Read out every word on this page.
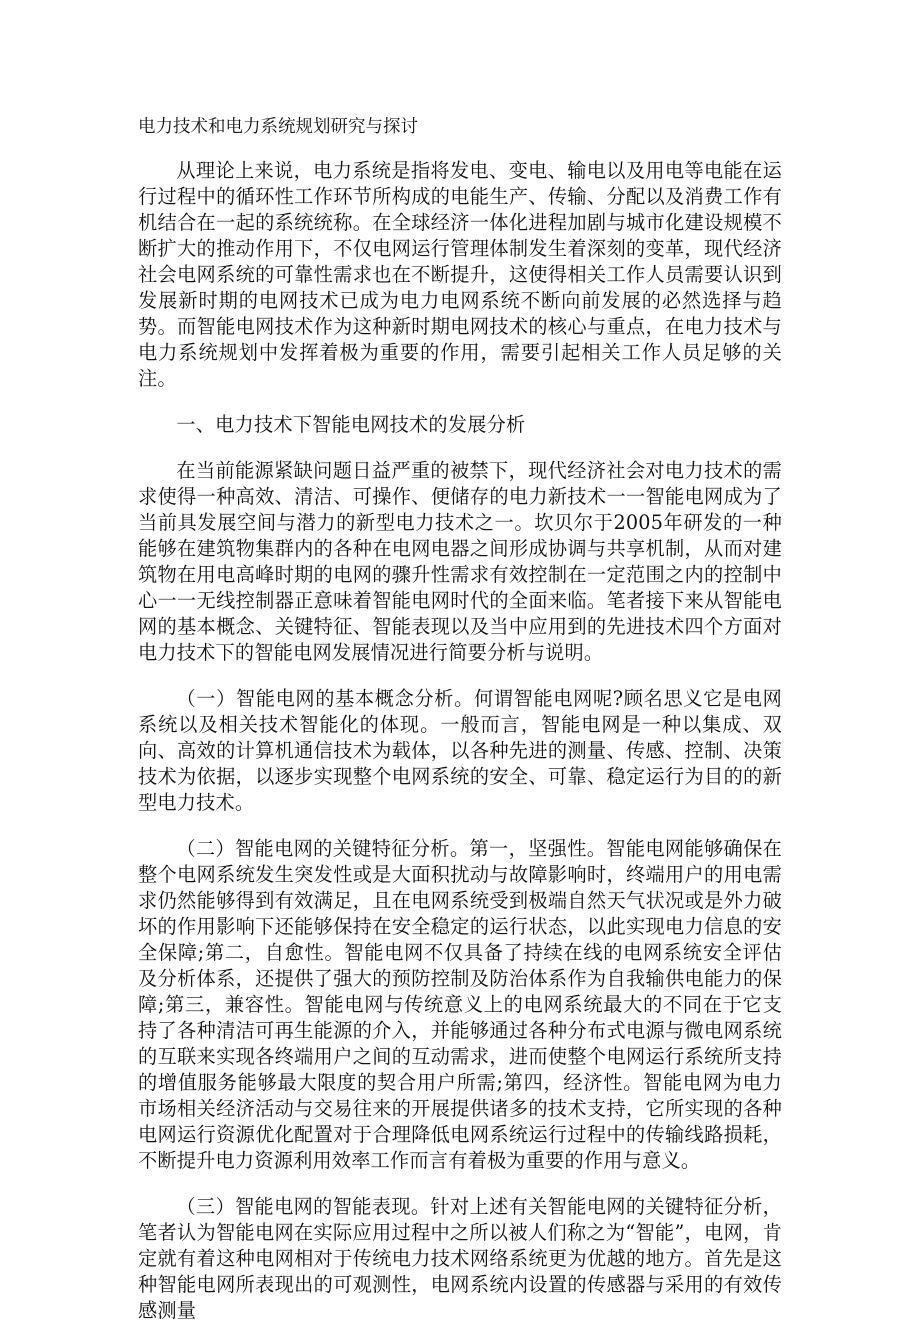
电力技术和电力系统规划研究与探讨
从理论上来说，电力系统是指将发电、变电、输电以及用电等电能在运行过程中的循环性工作环节所构成的电能生产、传输、分配以及消费工作有机结合在一起的系统统称。在全球经济一体化进程加剧与城市化建设规模不断扩大的推动作用下，不仅电网运行管理体制发生着深刻的变革，现代经济社会电网系统的可靠性需求也在不断提升，这使得相关工作人员需要认识到发展新时期的电网技术已成为电力电网系统不断向前发展的必然选择与趋势。而智能电网技术作为这种新时期电网技术的核心与重点，在电力技术与电力系统规划中发挥着极为重要的作用，需要引起相关工作人员足够的关注。
一、电力技术下智能电网技术的发展分析
在当前能源紧缺问题日益严重的被禁下，现代经济社会对电力技术的需求使得一种高效、清洁、可操作、便储存的电力新技术一一智能电网成为了当前具发展空间与潜力的新型电力技术之一。坎贝尔于2005年研发的一种能够在建筑物集群内的各种在电网电器之间形成协调与共享机制，从而对建筑物在用电高峰时期的电网的骤升性需求有效控制在一定范围之内的控制中心一一无线控制器正意味着智能电网时代的全面来临。笔者接下来从智能电网的基本概念、关键特征、智能表现以及当中应用到的先进技术四个方面对电力技术下的智能电网发展情况进行简要分析与说明。
（一）智能电网的基本概念分析。何谓智能电网呢?顾名思义它是电网系统以及相关技术智能化的体现。一般而言，智能电网是一种以集成、双向、高效的计算机通信技术为载体，以各种先进的测量、传感、控制、决策技术为依据，以逐步实现整个电网系统的安全、可靠、稳定运行为目的的新型电力技术。
（二）智能电网的关键特征分析。第一，坚强性。智能电网能够确保在整个电网系统发生突发性或是大面积扰动与故障影响时，终端用户的用电需求仍然能够得到有效满足，且在电网系统受到极端自然天气状况或是外力破坏的作用影响下还能够保持在安全稳定的运行状态，以此实现电力信息的安全保障;第二，自愈性。智能电网不仅具备了持续在线的电网系统安全评估及分析体系，还提供了强大的预防控制及防治体系作为自我输供电能力的保障;第三，兼容性。智能电网与传统意义上的电网系统最大的不同在于它支持了各种清洁可再生能源的介入，并能够通过各种分布式电源与微电网系统的互联来实现各终端用户之间的互动需求，进而使整个电网运行系统所支持的增值服务能够最大限度的契合用户所需;第四，经济性。智能电网为电力市场相关经济活动与交易往来的开展提供诸多的技术支持，它所实现的各种电网运行资源优化配置对于合理降低电网系统运行过程中的传输线路损耗，不断提升电力资源利用效率工作而言有着极为重要的作用与意义。
（三）智能电网的智能表现。针对上述有关智能电网的关键特征分析，笔者认为智能电网在实际应用过程中之所以被人们称之为“智能”，电网，肯定就有着这种电网相对于传统电力技术网络系统更为优越的地方。首先是这种智能电网所表现出的可观测性，电网系统内设置的传感器与采用的有效传感测量
